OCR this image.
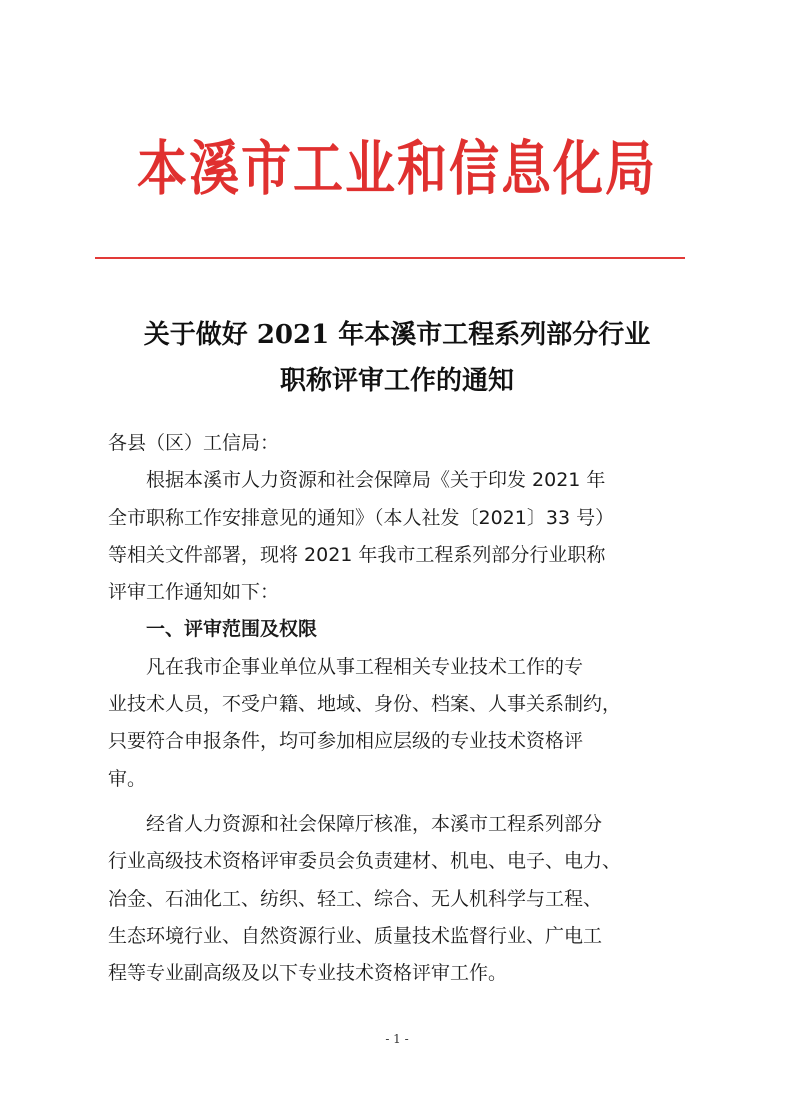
本溪市工业和信息化局
关于做好 2021 年本溪市工程系列部分行业
职称评审工作的通知

各县（区）工信局：

根据本溪市人力资源和社会保障局《关于印发 2021 年
全市职称工作安排意见的通知》（本人社发〔2021〕33 号）
等相关文件部署，现将 2021 年我市工程系列部分行业职称
评审工作通知如下：

一、评审范围及权限

凡在我市企事业单位从事工程相关专业技术工作的专
业技术人员，不受户籍、地域、身份、档案、人事关系制约，
只要符合申报条件，均可参加相应层级的专业技术资格评
审。

经省人力资源和社会保障厅核准，本溪市工程系列部分
行业高级技术资格评审委员会负责建材、机电、电子、电力、
冶金、石油化工、纺织、轻工、综合、无人机科学与工程、
生态环境行业、自然资源行业、质量技术监督行业、广电工
程等专业副高级及以下专业技术资格评审工作。

- 1 -
